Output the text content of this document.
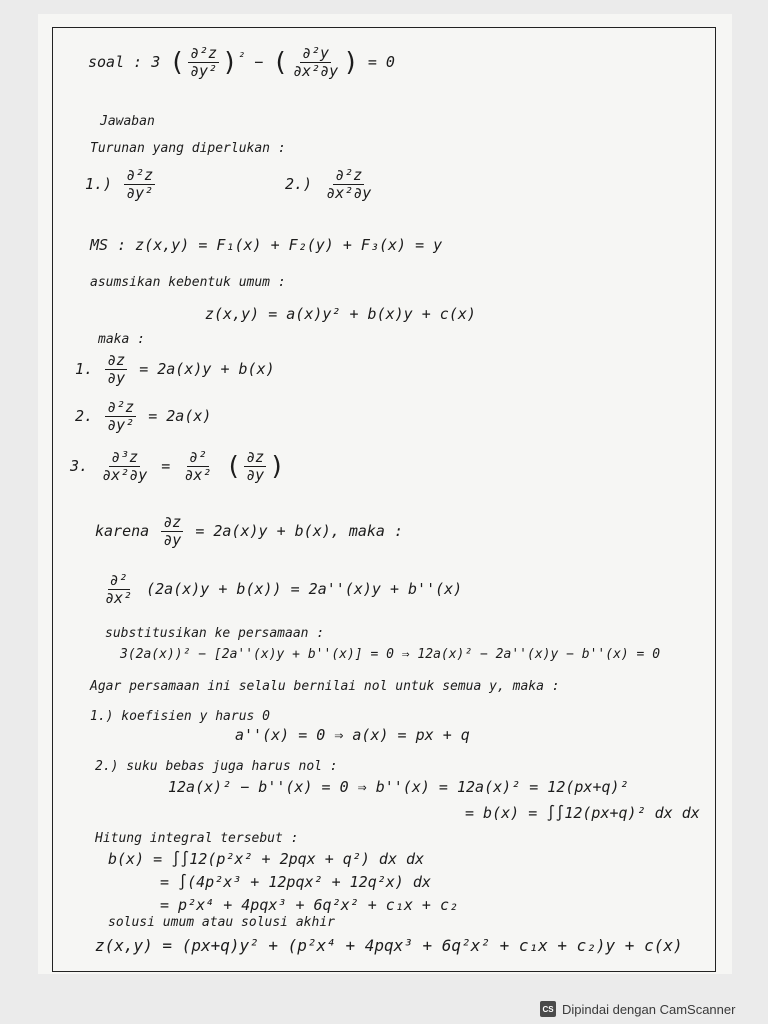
soal : 3 ( $\frac{\text{∂²z}}{\text{∂y²}} )^{^2}$ − ( $\frac{\text{∂²y}}{\text{∂x²∂y}}$ ) = 0
Jawaban
Turunan yang diperlukan :
$1.) \frac{\text{∂²z}}{\text{∂y²}}$	$2.) \frac{\text{∂²z}}{\text{∂x²∂y}}$
MS : z(x,y) = F₁(x) + F₂(y) + F₃(x) = y
asumsikan kebentuk umum :
z(x,y) = a(x)y² + b(x)y + c(x)
maka :
1. $\frac{\partial z}{\partial y} = 2a(x)y + b(x)$
2. $\frac{\text{∂²z}}{\text{∂y²}} = 2a(x)$
3. $\frac{\text{∂³z}}{\text{∂x²∂y}} = \frac{\text{∂²}}{\text{∂x²}}$ ( $\frac{\partial z}{\partial y}$ )
karena $\frac{\partial z}{\partial y} = 2a(x)y + b(x)$, maka :
$\frac{\text{∂²}}{\text{∂x²}} (2a(x)y + b(x)) = 2a''(x)y + b''(x)$
substitusikan ke persamaan :
3(2a(x))² − [2a''(x)y + b''(x)] = 0 ⇒ 12a(x)² − 2a''(x)y − b''(x) = 0
Agar persamaan ini selalu bernilai nol untuk semua y, maka :
1.) koefisien y harus 0
a''(x) = 0 ⇒ a(x) = px + q
2.) suku bebas juga harus nol :
12a(x)² − b''(x) = 0 ⇒ b''(x) = 12a(x)² = 12(px+q)²
= b(x) = ∫∫12(px+q)² dx dx
Hitung integral tersebut :
b(x) = ∫∫12(p²x² + 2pqx + q²) dx dx
= ∫(4p²x³ + 12pqx² + 12q²x) dx
= p²x⁴ + 4pqx³ + 6q²x² + c₁x + c₂
solusi umum atau solusi akhir
z(x,y) = (px+q)y² + (p²x⁴ + 4pqx³ + 6q²x² + c₁x + c₂)y + c(x)
CS Dipindai dengan CamScanner
